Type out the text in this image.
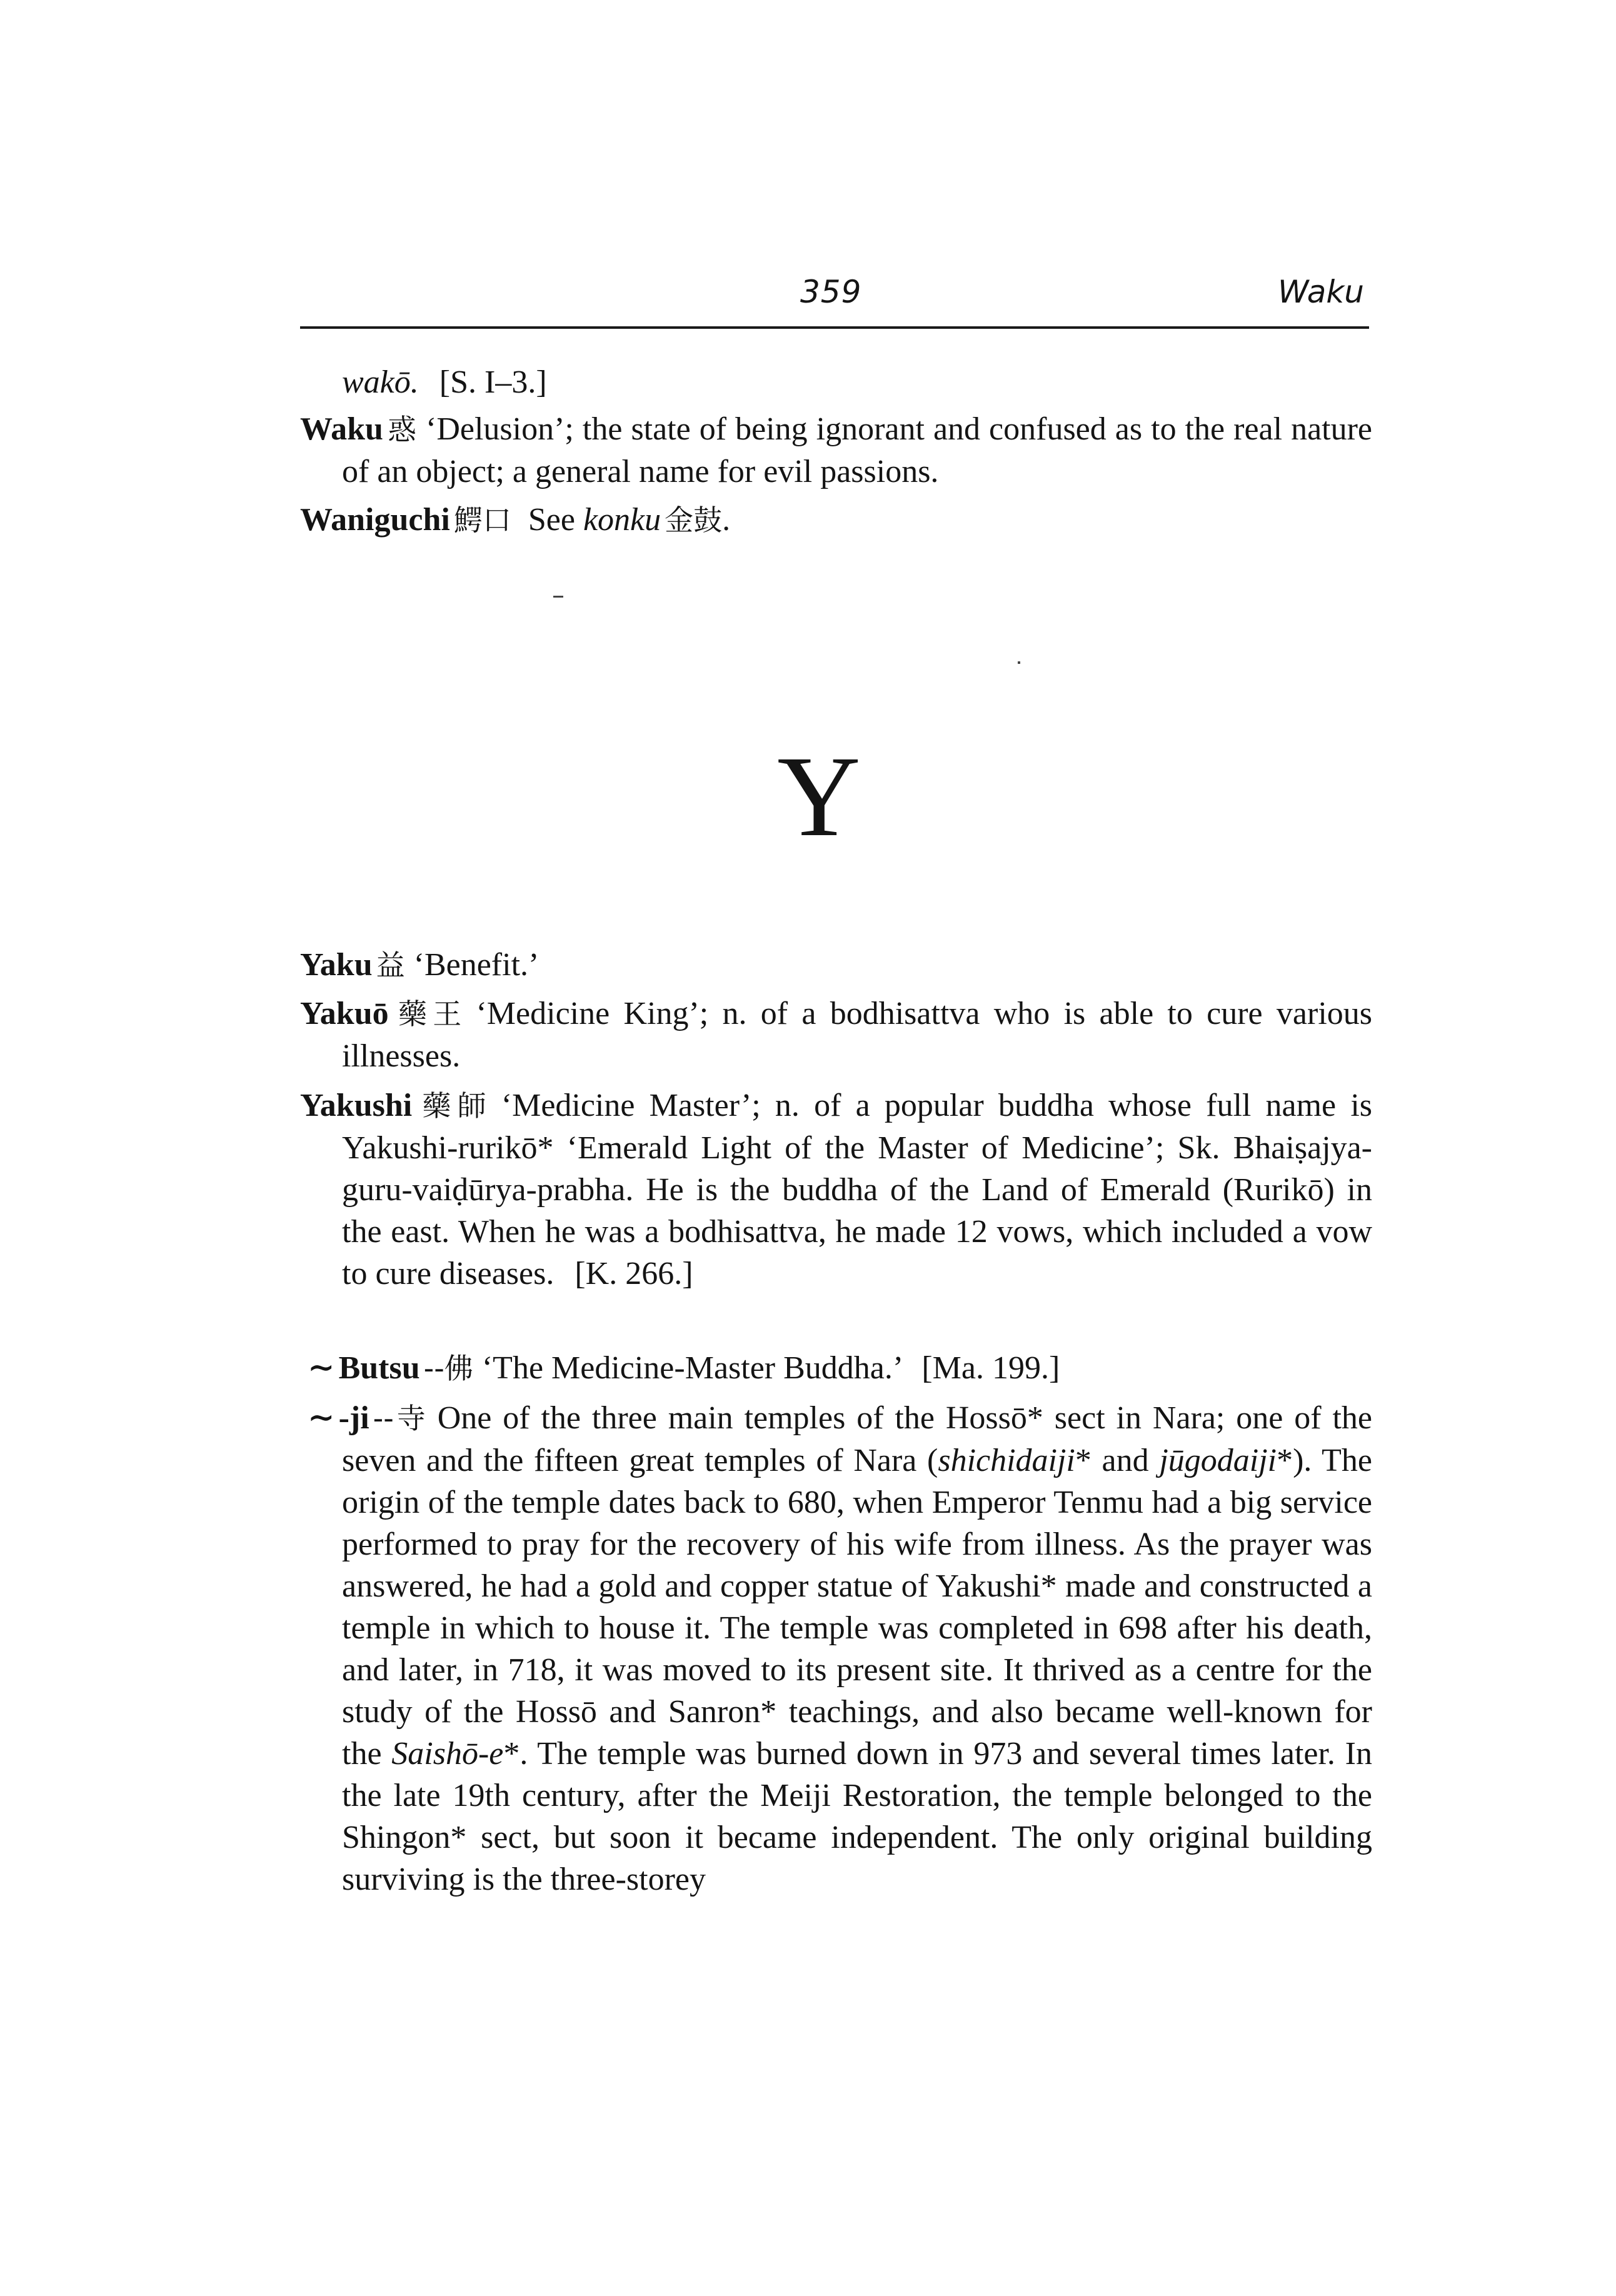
359	Waku

wakō. [S. I–3.]

Waku 惑 ‘Delusion’; the state of being ignorant and confused as to the real nature of an object; a general name for evil passions.

Waniguchi 鰐口 See konku 金鼓.

Y

Yaku 益 ‘Benefit.’

Yakuō 藥王 ‘Medicine King’; n. of a bodhisattva who is able to cure various illnesses.

Yakushi 藥師 ‘Medicine Master’; n. of a popular buddha whose full name is Yakushi-rurikō* ‘Emerald Light of the Master of Medicine’; Sk. Bhaiṣajya-guru-vaiḍūrya-prabha. He is the buddha of the Land of Emerald (Rurikō) in the east. When he was a bodhisattva, he made 12 vows, which included a vow to cure diseases. [K. 266.]

∼ Butsu --佛 ‘The Medicine-Master Buddha.’ [Ma. 199.]

∼ -ji --寺 One of the three main temples of the Hossō* sect in Nara; one of the seven and the fifteen great temples of Nara (shichidaiji* and jūgodaiji*). The origin of the temple dates back to 680, when Emperor Tenmu had a big service performed to pray for the recovery of his wife from illness. As the prayer was answered, he had a gold and copper statue of Yakushi* made and constructed a temple in which to house it. The temple was completed in 698 after his death, and later, in 718, it was moved to its present site. It thrived as a centre for the study of the Hossō and Sanron* teachings, and also became well-known for the Saishō-e*. The temple was burned down in 973 and several times later. In the late 19th century, after the Meiji Restoration, the temple belonged to the Shingon* sect, but soon it became independent. The only original building surviving is the three-storey
